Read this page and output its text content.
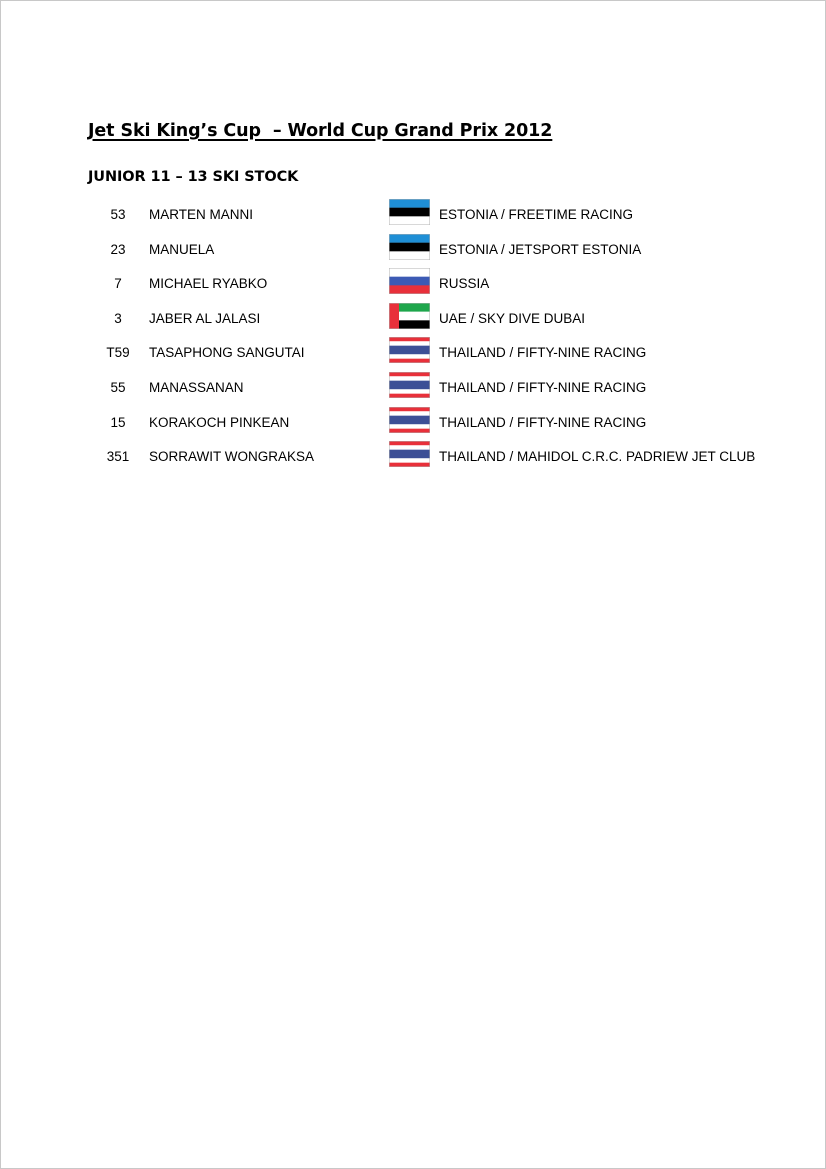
Jet Ski King’s Cup  – World Cup Grand Prix 2012
JUNIOR 11 – 13 SKI STOCK
53	MARTEN MANNI	ESTONIA / FREETIME RACING
23	MANUELA	ESTONIA / JETSPORT ESTONIA
7	MICHAEL RYABKO	RUSSIA
3	JABER AL JALASI	UAE / SKY DIVE DUBAI
T59	TASAPHONG SANGUTAI	THAILAND / FIFTY-NINE RACING
55	MANASSANAN	THAILAND / FIFTY-NINE RACING
15	KORAKOCH PINKEAN	THAILAND / FIFTY-NINE RACING
351	SORRAWIT WONGRAKSA	THAILAND / MAHIDOL C.R.C. PADRIEW JET CLUB
